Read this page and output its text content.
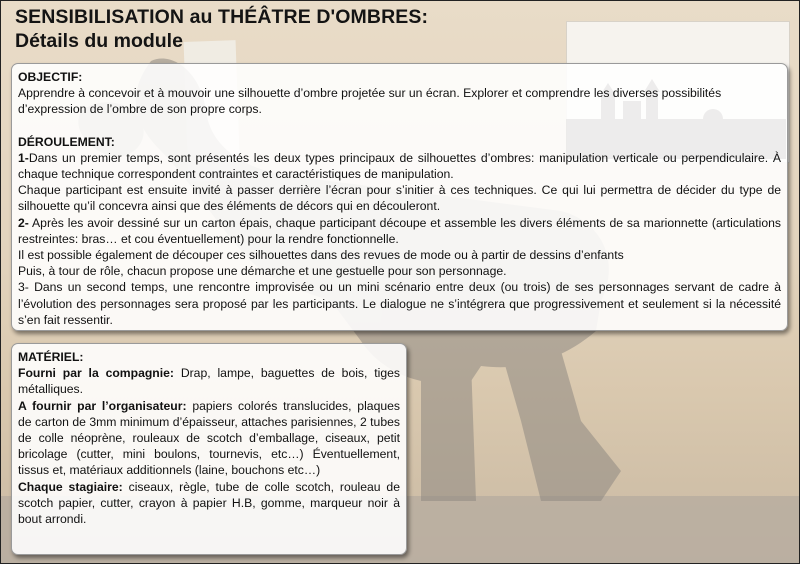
SENSIBILISATION au THÉÂTRE D'OMBRES:
Détails du module

OBJECTIF:

Apprendre à concevoir et à mouvoir une silhouette d’ombre projetée sur un écran. Explorer et comprendre les diverses possibilités d’expression de l’ombre de son propre corps.

DÉROULEMENT:

1-Dans un premier temps, sont présentés les deux types principaux de silhouettes d’ombres: manipulation verticale ou perpendiculaire. À chaque technique correspondent contraintes et caractéristiques de manipulation.

Chaque participant est ensuite invité à passer derrière l’écran pour s’initier à ces techniques. Ce qui lui permettra de décider du type de silhouette qu’il concevra ainsi que des éléments de décors qui en découleront.

2- Après les avoir dessiné sur un carton épais, chaque participant découpe et assemble les divers éléments de sa marionnette (articulations restreintes: bras… et cou éventuellement) pour la rendre fonctionnelle.

Il est possible également de découper ces silhouettes dans des revues de mode ou à partir de dessins d’enfants

Puis, à tour de rôle, chacun propose une démarche et une gestuelle pour son personnage.

3- Dans un second temps, une rencontre improvisée ou un mini scénario entre deux (ou trois) de ses personnages servant de cadre à l’évolution des personnages sera proposé par les participants. Le dialogue ne s’intégrera que progressivement et seulement si la nécessité s’en fait ressentir.

MATÉRIEL:

Fourni par la compagnie: Drap, lampe, baguettes de bois, tiges métalliques.

A fournir par l’organisateur: papiers colorés translucides, plaques de carton de 3mm minimum d’épaisseur, attaches parisiennes, 2 tubes de colle néoprène, rouleaux de scotch d’emballage, ciseaux, petit bricolage (cutter, mini boulons, tournevis, etc…) Éventuellement, tissus et, matériaux additionnels (laine, bouchons etc…)

Chaque stagiaire: ciseaux, règle, tube de colle scotch, rouleau de scotch papier, cutter, crayon à papier H.B, gomme, marqueur noir à bout arrondi.
